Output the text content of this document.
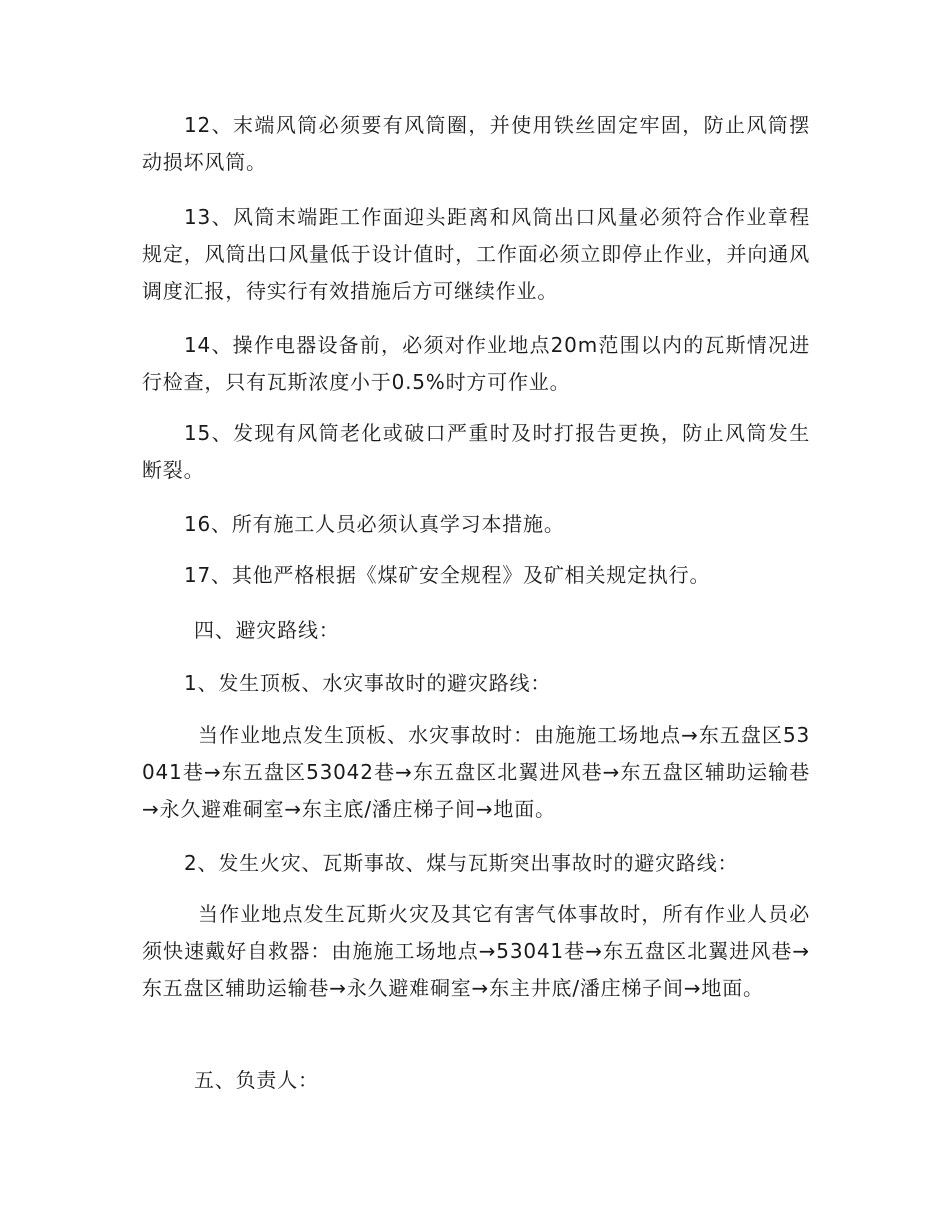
12、末端风筒必须要有风筒圈，并使用铁丝固定牢固，防止风筒摆动损坏风筒。

13、风筒末端距工作面迎头距离和风筒出口风量必须符合作业章程规定，风筒出口风量低于设计值时，工作面必须立即停止作业，并向通风调度汇报，待实行有效措施后方可继续作业。

14、操作电器设备前，必须对作业地点20m范围以内的瓦斯情况进行检查，只有瓦斯浓度小于0.5%时方可作业。

15、发现有风筒老化或破口严重时及时打报告更换，防止风筒发生断裂。

16、所有施工人员必须认真学习本措施。

17、其他严格根据《煤矿安全规程》及矿相关规定执行。

四、避灾路线：

1、发生顶板、水灾事故时的避灾路线：

当作业地点发生顶板、水灾事故时：由施施工场地点→东五盘区53041巷→东五盘区53042巷→东五盘区北翼进风巷→东五盘区辅助运输巷→永久避难硐室→东主底/潘庄梯子间→地面。

2、发生火灾、瓦斯事故、煤与瓦斯突出事故时的避灾路线：

当作业地点发生瓦斯火灾及其它有害气体事故时，所有作业人员必须快速戴好自救器：由施施工场地点→53041巷→东五盘区北翼进风巷→东五盘区辅助运输巷→永久避难硐室→东主井底/潘庄梯子间→地面。

五、负责人：
